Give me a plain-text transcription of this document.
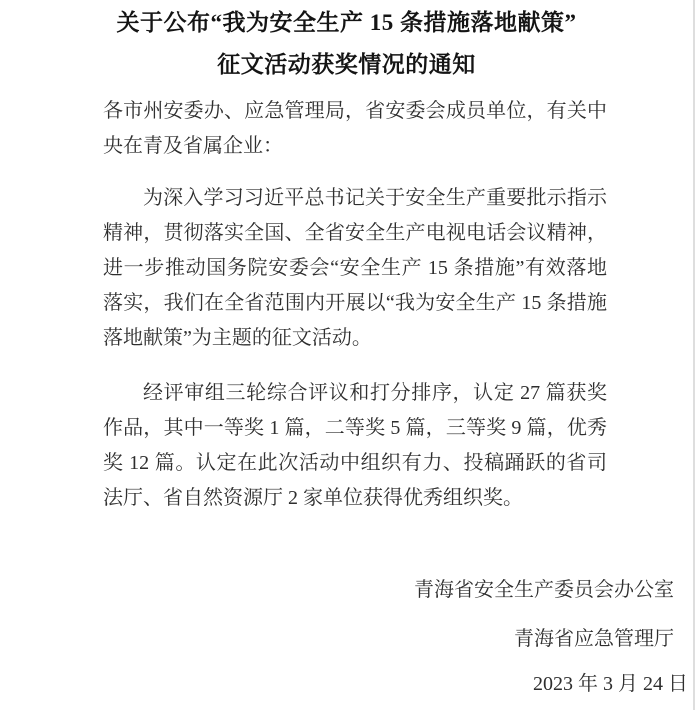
关于公布“我为安全生产 15 条措施落地献策”
征文活动获奖情况的通知

各市州安委办、应急管理局，省安委会成员单位，有关中央在青及省属企业：

为深入学习习近平总书记关于安全生产重要批示指示精神，贯彻落实全国、全省安全生产电视电话会议精神，进一步推动国务院安委会“安全生产 15 条措施”有效落地落实，我们在全省范围内开展以“我为安全生产 15 条措施落地献策”为主题的征文活动。

经评审组三轮综合评议和打分排序，认定 27 篇获奖作品，其中一等奖 1 篇，二等奖 5 篇，三等奖 9 篇，优秀奖 12 篇。认定在此次活动中组织有力、投稿踊跃的省司法厅、省自然资源厅 2 家单位获得优秀组织奖。

青海省安全生产委员会办公室
青海省应急管理厅
2023 年 3 月 24 日
